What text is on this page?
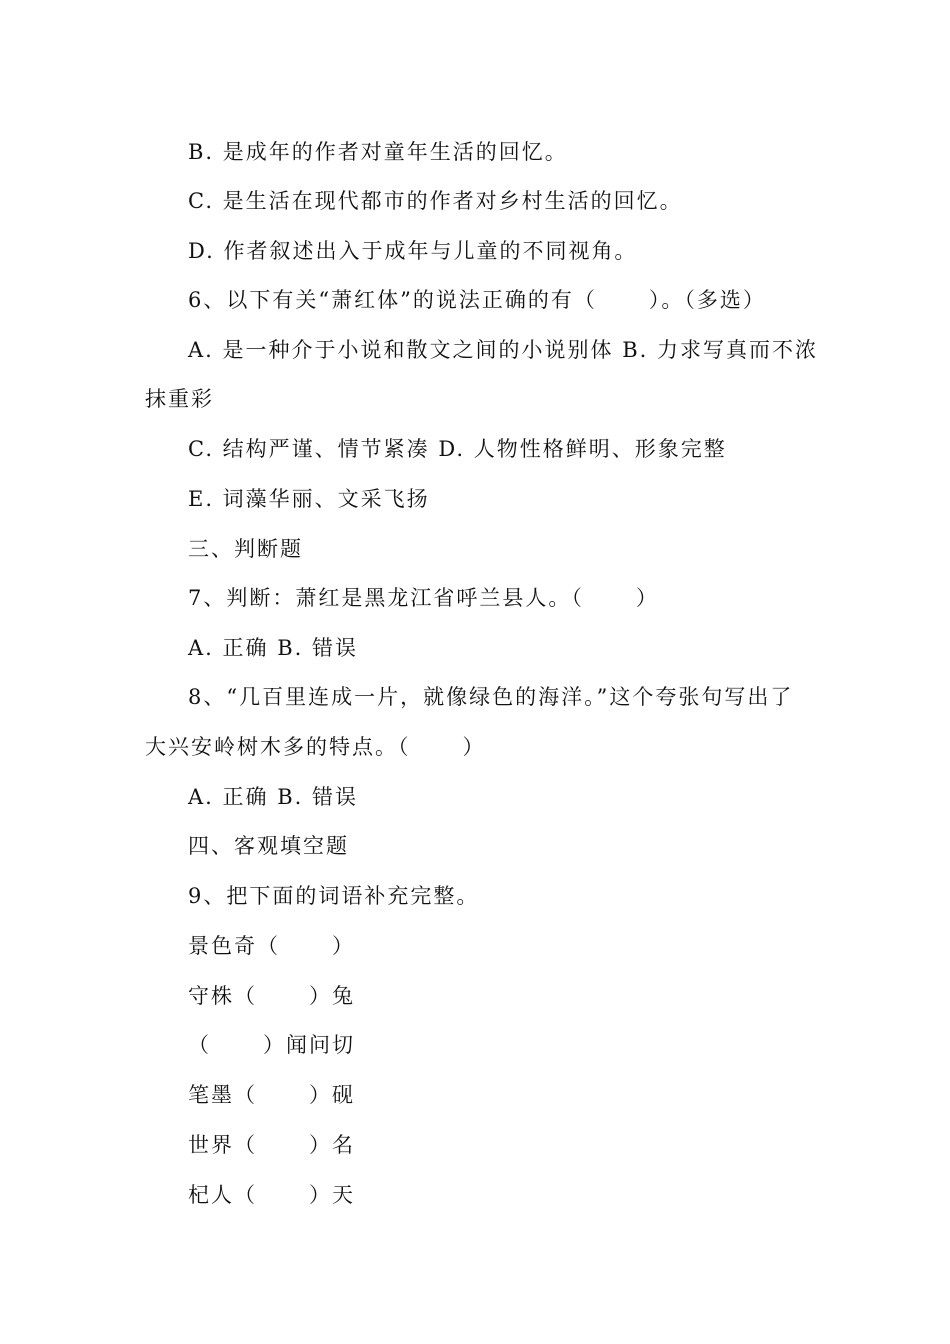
B. 是成年的作者对童年生活的回忆。
C. 是生活在现代都市的作者对乡村生活的回忆。
D. 作者叙述出入于成年与儿童的不同视角。
6、以下有关“萧红体”的说法正确的有（      ）。（多选）
A. 是一种介于小说和散文之间的小说别体 B. 力求写真而不浓
抹重彩
C. 结构严谨、情节紧凑 D. 人物性格鲜明、形象完整
E. 词藻华丽、文采飞扬
三、判断题
7、判断：萧红是黑龙江省呼兰县人。（      ）
A. 正确 B. 错误
8、“几百里连成一片，就像绿色的海洋。”这个夸张句写出了
大兴安岭树木多的特点。（      ）
A. 正确 B. 错误
四、客观填空题
9、把下面的词语补充完整。
景色奇（      ）
守株（      ）兔
（      ）闻问切
笔墨（      ）砚
世界（      ）名
杞人（      ）天
